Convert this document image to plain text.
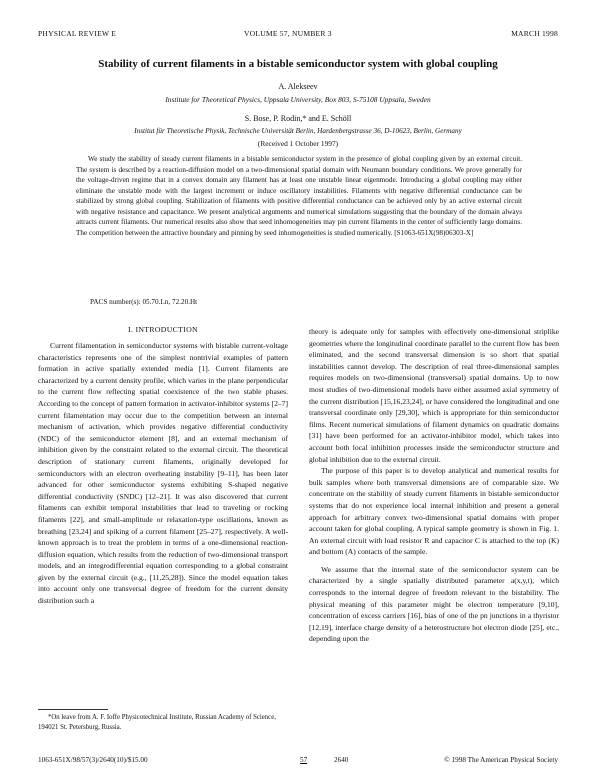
PHYSICAL REVIEW E	VOLUME 57, NUMBER 3	MARCH 1998
Stability of current filaments in a bistable semiconductor system with global coupling
A. Alekseev
Institute for Theoretical Physics, Uppsala University, Box 803, S-75108 Uppsala, Sweden
S. Bose, P. Rodin,* and E. Schöll
Institut für Theoretische Physik, Technische Universität Berlin, Hardenbergstrasse 36, D-10623, Berlin, Germany
(Received 1 October 1997)

We study the stability of steady current filaments in a bistable semiconductor system in the presence of global coupling given by an external circuit. The system is described by a reaction-diffusion model on a two-dimensional spatial domain with Neumann boundary conditions. We prove generally for the voltage-driven regime that in a convex domain any filament has at least one unstable linear eigenmode. Introducing a global coupling may either eliminate the unstable mode with the largest increment or induce oscillatory instabilities. Filaments with negative differential conductance can be stabilized by strong global coupling. Stabilization of filaments with positive differential conductance can be achieved only by an active external circuit with negative resistance and capacitance. We present analytical arguments and numerical simulations suggesting that the boundary of the domain always attracts current filaments. Our numerical results also show that seed inhomogeneities may pin current filaments in the center of sufficiently large domains. The competition between the attractive boundary and pinning by seed inhomogeneities is studied numerically. [S1063-651X(98)06303-X]

PACS number(s): 05.70.Ln, 72.20.Ht
I. INTRODUCTION

Current filamentation in semiconductor systems with bistable current-voltage characteristics represents one of the simplest nontrivial examples of pattern formation in active spatially extended media [1]. Current filaments are characterized by a current density profile, which varies in the plane perpendicular to the current flow reflecting spatial coexistence of the two stable phases. According to the concept of pattern formation in activator-inhibitor systems [2–7] current filamentation may occur due to the competition between an internal mechanism of activation, which provides negative differential conductivity (NDC) of the semiconductor element [8], and an external mechanism of inhibition given by the constraint related to the external circuit. The theoretical description of stationary current filaments, originally developed for semiconductors with an electron overheating instability [9–11], has been later advanced for other semiconductor systems exhibiting S-shaped negative differential conductivity (SNDC) [12–21]. It was also discovered that current filaments can exhibit temporal instabilities that lead to traveling or rocking filaments [22], and small-amplitude or relaxation-type oscillations, known as breathing [23,24] and spiking of a current filament [25–27], respectively. A well-known approach is to treat the problem in terms of a one-dimensional reaction-diffusion equation, which results from the reduction of two-dimensional transport models, and an integrodifferential equation corresponding to a global constraint given by the external circuit (e.g., [11,25,28]). Since the model equation takes into account only one transversal degree of freedom for the current density distribution such a

theory is adequate only for samples with effectively one-dimensional striplike geometries where the longitudinal coordinate parallel to the current flow has been eliminated, and the second transversal dimension is so short that spatial instabilities cannot develop. The description of real three-dimensional samples requires models on two-dimensional (transversal) spatial domains. Up to now most studies of two-dimensional models have either assumed axial symmetry of the current distribution [15,16,23,24], or have considered the longitudinal and one transversal coordinate only [29,30], which is appropriate for thin semiconductor films. Recent numerical simulations of filament dynamics on quadratic domains [31] have been performed for an activator-inhibitor model, which takes into account both local inhibition processes inside the semiconductor structure and global inhibition due to the external circuit.

The purpose of this paper is to develop analytical and numerical results for bulk samples where both transversal dimensions are of comparable size. We concentrate on the stability of steady current filaments in bistable semiconductor systems that do not experience local internal inhibition and present a general approach for arbitrary convex two-dimensional spatial domains with proper account taken for global coupling. A typical sample geometry is shown in Fig. 1. An external circuit with load resistor R and capacitor C is attached to the top (K) and bottom (A) contacts of the sample.

We assume that the internal state of the semiconductor system can be characterized by a single spatially distributed parameter a(x,y,t), which corresponds to the internal degree of freedom relevant to the bistability. The physical meaning of this parameter might be electron temperature [9,10], concentration of excess carriers [16], bias of one of the pn junctions in a thyristor [12,19], interface charge density of a heterostructure hot electron diode [25], etc., depending upon the

*On leave from A. F. Ioffe Physicotechnical Institute, Russian Academy of Science, 194021 St. Petersburg, Russia.

1063-651X/98/57(3)/2640(10)/$15.00	57	2640	© 1998 The American Physical Society
